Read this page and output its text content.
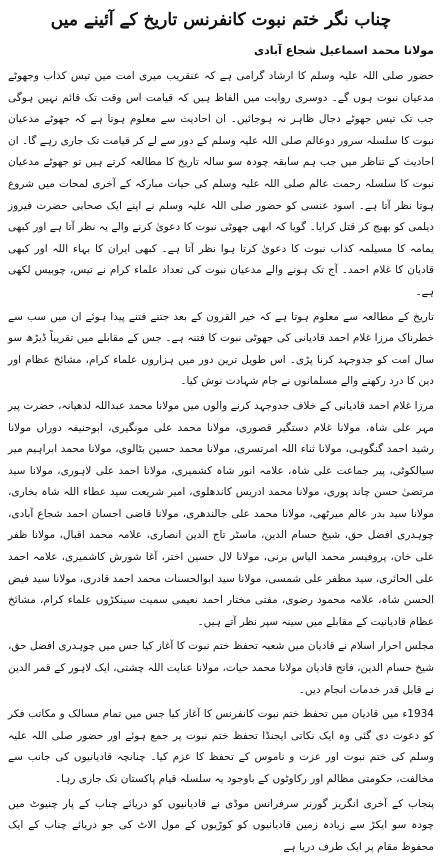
چناب نگر ختم نبوت کانفرنس تاریخ کے آئینے میں
مولانا محمد اسماعیل شجاع آبادی

حضور صلی اللہ علیہ وسلم کا ارشاد گرامی ہے کہ عنقریب میری امت میں تیس کذاب وجھوٹے مدعیان نبوت ہوں گے۔ دوسری روایت میں الفاظ ہیں کہ قیامت اس وقت تک قائم نہیں ہوگی جب تک تیس جھوٹے دجال ظاہر نہ ہوجائیں۔ ان احادیث سے معلوم ہوتا ہے کہ جھوٹے مدعیان نبوت کا سلسلہ سرور دوعالم صلی اللہ علیہ وسلم کے دور سے لے کر قیامت تک جاری رہے گا۔ ان احادیث کے تناظر میں جب ہم سابقہ چودہ سو سالہ تاریخ کا مطالعہ کرتے ہیں تو جھوٹے مدعیان نبوت کا سلسلہ رحمت عالم صلی اللہ علیہ وسلم کی حیات مبارکہ کے آخری لمحات میں شروع ہوتا نظر آتا ہے۔ اسود عنسی کو حضور صلی اللہ علیہ وسلم نے اپنے ایک صحابی حضرت فیروز دیلمی کو بھیج کر قتل کرایا۔ گویا کہ ابھی جھوٹی نبوت کا دعویٰ کرنے والے یہ نظر آتا ہے اور کبھی یمامہ کا مسیلمہ کذاب نبوت کا دعویٰ کرتا ہوا نظر آتا ہے۔ کبھی ایران کا بہاء اللہ اور کبھی قادیان کا غلام احمد۔ آج تک ہونے والے مدعیان نبوت کی تعداد علماء کرام نے تیس، چوبیس لکھی ہے۔

تاریخ کے مطالعہ سے معلوم ہوتا ہے کہ خیر القرون کے بعد جتنے فتنے پیدا ہوئے ان میں سب سے خطرناک مرزا غلام احمد قادیانی کی جھوٹی نبوت کا فتنہ ہے۔ جس کے مقابلے میں تقریباً ڈیڑھ سو سال امت کو جدوجہد کرنا پڑی۔ اس طویل ترین دور میں ہزاروں علماء کرام، مشائخ عظام اور دین کا درد رکھنے والے مسلمانوں نے جام شہادت نوش کیا۔

مرزا غلام احمد قادیانی کے خلاف جدوجہد کرنے والوں میں مولانا محمد عبداللہ لدھیانہ، حضرت پیر مہر علی شاہ، مولانا غلام دستگیر قصوری، مولانا محمد علی مونگیری، ابوحنیفہ دوراں مولانا رشید احمد گنگوہی، مولانا ثناء اللہ امرتسری، مولانا محمد حسین بٹالوی، مولانا محمد ابراہیم میر سیالکوٹی، پیر جماعت علی شاہ، علامہ انور شاہ کشمیری، مولانا احمد علی لاہوری، مولانا سید مرتضیٰ حسن چاند پوری، مولانا محمد ادریس کاندھلوی، امیر شریعت سید عطاء اللہ شاہ بخاری، مولانا سید بدر عالم میرٹھی، مولانا محمد علی جالندھری، مولانا قاضی احسان احمد شجاع آبادی، چوہدری افضل حق، شیخ حسام الدین، ماسٹر تاج الدین انصاری، علامہ محمد اقبال، مولانا ظفر علی خان، پروفیسر محمد الیاس برنی، مولانا لال حسین اختر، آغا شورش کاشمیری، علامہ احمد علی الحائری، سید مظفر علی شمسی، مولانا سید ابوالحسنات محمد احمد قادری، مولانا سید فیض الحسن شاہ، علامہ محمود رضوی، مفتی مختار احمد نعیمی سمیت سینکڑوں علماء کرام، مشائخ عظام قادیانیت کے مقابلے میں سینہ سپر نظر آتے ہیں۔

مجلس احرار اسلام نے قادیان میں شعبہ تحفظ ختم نبوت کا آغاز کیا جس میں چوہدری افضل حق، شیخ حسام الدین، فاتح قادیان مولانا محمد حیات، مولانا عنایت اللہ چشتی، ایک لاہور کے قمر الدین نے قابل قدر خدمات انجام دیں۔

1934ء میں قادیان میں تحفظ ختم نبوت کانفرنس کا آغاز کیا جس میں تمام مسالک و مکاتب فکر کو دعوت دی گئی وہ ایک نکاتی ایجنڈا تحفظ ختم نبوت پر جمع ہوئے اور حضور صلی اللہ علیہ وسلم کی ختم نبوت اور عزت و ناموس کے تحفظ کا عزم کیا۔ چنانچہ قادیانیوں کی جانب سے مخالفت، حکومتی مظالم اور رکاوٹوں کے باوجود یہ سلسلہ قیام پاکستان تک جاری رہا۔

پنجاب کے آخری انگریز گورنر سرفرانس موڈی نے قادیانیوں کو دریائے چناب کے پار چنیوٹ میں چودہ سو ایکڑ سے زیادہ زمین قادیانیوں کو کوڑیوں کے مول الاٹ کی جو دریائے چناب کے ایک محفوظ مقام پر ایک طرف دریا ہے
